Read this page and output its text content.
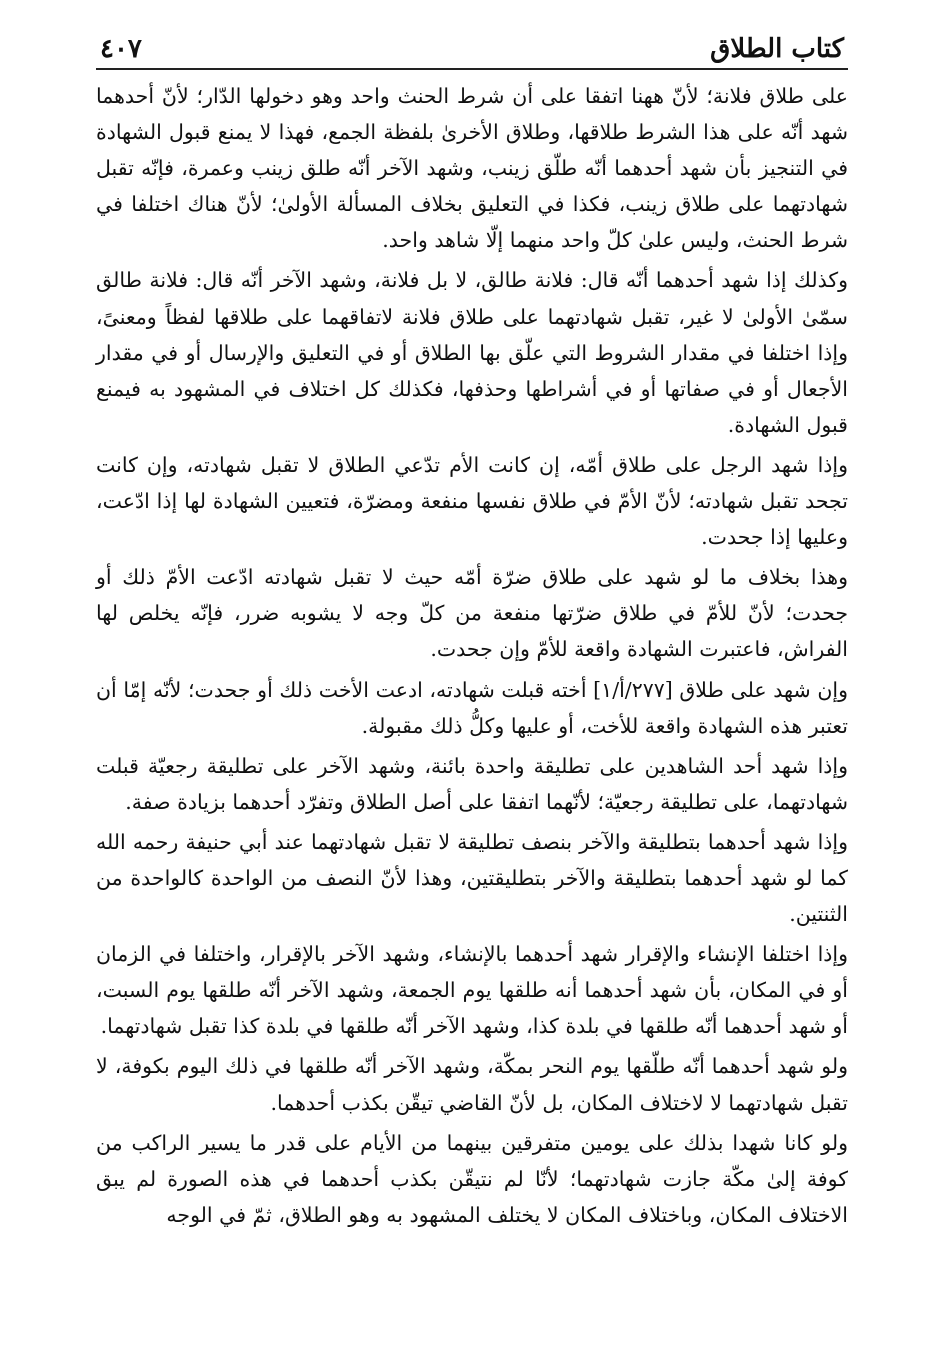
كتاب الطلاق
٤٠٧

على طلاق فلانة؛ لأنّ ههنا اتفقا على أن شرط الحنث واحد وهو دخولها الدّار؛ لأنّ أحدهما شهد أنّه على هذا الشرط طلاقها، وطلاق الأخرىٰ بلفظة الجمع، فهذا لا يمنع قبول الشهادة في التنجيز بأن شهد أحدهما أنّه طلّق زينب، وشهد الآخر أنّه طلق زينب وعمرة، فإنّه تقبل شهادتهما على طلاق زينب، فكذا في التعليق بخلاف المسألة الأولىٰ؛ لأنّ هناك اختلفا في شرط الحنث، وليس علىٰ كلّ واحد منهما إلّا شاهد واحد.

وكذلك إذا شهد أحدهما أنّه قال: فلانة طالق، لا بل فلانة، وشهد الآخر أنّه قال: فلانة طالق سمّىٰ الأولىٰ لا غير، تقبل شهادتهما على طلاق فلانة لاتفاقهما على طلاقها لفظاً ومعنىً، وإذا اختلفا في مقدار الشروط التي علّق بها الطلاق أو في التعليق والإرسال أو في مقدار الأجعال أو في صفاتها أو في أشراطها وحذفها، فكذلك كل اختلاف في المشهود به فيمنع قبول الشهادة.

وإذا شهد الرجل على طلاق أمّه، إن كانت الأم تدّعي الطلاق لا تقبل شهادته، وإن كانت تجحد تقبل شهادته؛ لأنّ الأمّ في طلاق نفسها منفعة ومضرّة، فتعيين الشهادة لها إذا ادّعت، وعليها إذا جحدت.

وهذا بخلاف ما لو شهد على طلاق ضرّة أمّه حيث لا تقبل شهادته ادّعت الأمّ ذلك أو جحدت؛ لأنّ للأمّ في طلاق ضرّتها منفعة من كلّ وجه لا يشوبه ضرر، فإنّه يخلص لها الفراش، فاعتبرت الشهادة واقعة للأمّ وإن جحدت.

وإن شهد على طلاق [٢٧٧/أ/١] أخته قبلت شهادته، ادعت الأخت ذلك أو جحدت؛ لأنّه إمّا أن تعتبر هذه الشهادة واقعة للأخت، أو عليها وكلُّ ذلك مقبولة.

وإذا شهد أحد الشاهدين على تطليقة واحدة بائنة، وشهد الآخر على تطليقة رجعيّة قبلت شهادتهما، على تطليقة رجعيّة؛ لأنّهما اتفقا على أصل الطلاق وتفرّد أحدهما بزيادة صفة.

وإذا شهد أحدهما بتطليقة والآخر بنصف تطليقة لا تقبل شهادتهما عند أبي حنيفة رحمه الله كما لو شهد أحدهما بتطليقة والآخر بتطليقتين، وهذا لأنّ النصف من الواحدة كالواحدة من الثنتين.

وإذا اختلفا الإنشاء والإقرار شهد أحدهما بالإنشاء، وشهد الآخر بالإقرار، واختلفا في الزمان أو في المكان، بأن شهد أحدهما أنه طلقها يوم الجمعة، وشهد الآخر أنّه طلقها يوم السبت، أو شهد أحدهما أنّه طلقها في بلدة كذا، وشهد الآخر أنّه طلقها في بلدة كذا تقبل شهادتهما.

ولو شهد أحدهما أنّه طلّقها يوم النحر بمكّة، وشهد الآخر أنّه طلقها في ذلك اليوم بكوفة، لا تقبل شهادتهما لا لاختلاف المكان، بل لأنّ القاضي تيقّن بكذب أحدهما.

ولو كانا شهدا بذلك على يومين متفرقين بينهما من الأيام على قدر ما يسير الراكب من كوفة إلىٰ مكّة جازت شهادتهما؛ لأنّا لم نتيقّن بكذب أحدهما في هذه الصورة لم يبق الاختلاف المكان، وباختلاف المكان لا يختلف المشهود به وهو الطلاق، ثمّ في الوجه
